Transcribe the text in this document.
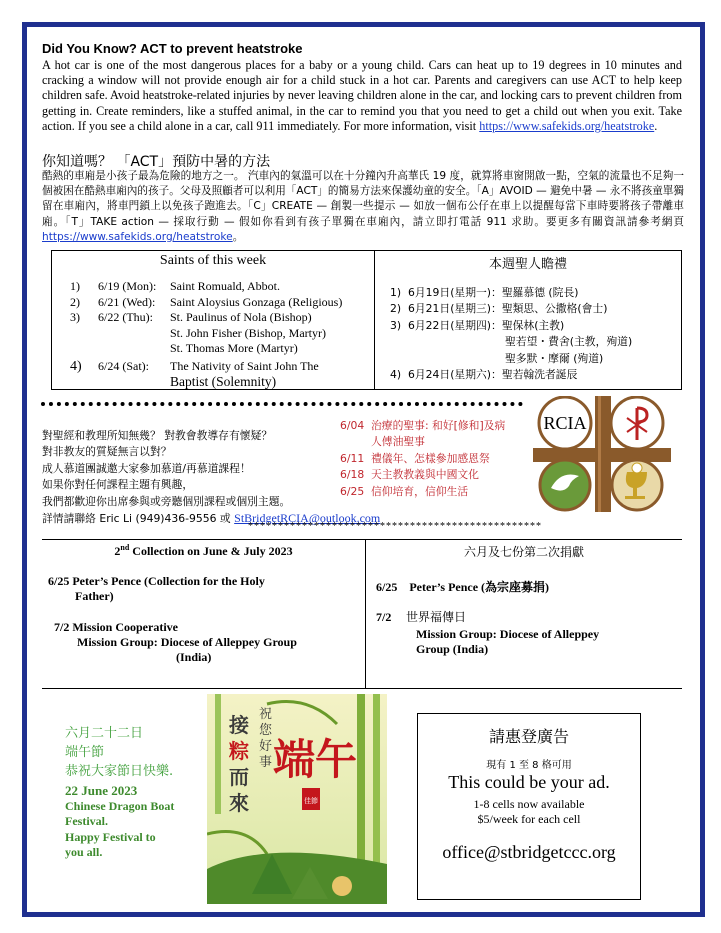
Did You Know? ACT to prevent heatstroke
A hot car is one of the most dangerous places for a baby or a young child. Cars can heat up to 19 degrees in 10 minutes and cracking a window will not provide enough air for a child stuck in a hot car. Parents and caregivers can use ACT to help keep children safe. Avoid heatstroke-related injuries by never leaving children alone in the car, and locking cars to prevent children from getting in. Create reminders, like a stuffed animal, in the car to remind you that you need to get a child out when you exit. Take action. If you see a child alone in a car, call 911 immediately. For more information, visit https://www.safekids.org/heatstroke.
你知道嗎？ 「ACT」預防中暑的方法
酷熱的車廂是小孩子最為危險的地方之一。 汽車內的氣溫可以在十分鐘內升高華氏 19 度，就算將車窗開啟一點，空氣的流量也不足夠一個被困在酷熱車廂內的孩子。父母及照顧者可以利用「ACT」的簡易方法來保護幼童的安全。「A」AVOID — 避免中暑 — 永不將孩童單獨留在車廂內，將車門鎖上以免孩子跑進去。「C」CREATE — 創製一些提示 — 如放一個布公仔在車上以提醒每當下車時要將孩子帶離車廂。「T」TAKE action — 採取行動 — 假如你看到有孩子單獨在車廂內，請立即打電話 911 求助。要更多有關資訊請參考網頁 https://www.safekids.org/heatstroke。
Saints of this week	本週聖人瞻禮
1)	6/19 (Mon):	Saint Romuald, Abbot.
2)	6/21 (Wed):	Saint Aloysius Gonzaga (Religious)
3)	6/22 (Thu):	St. Paulinus of Nola (Bishop)
St. John Fisher (Bishop, Martyr)
St. Thomas More (Martyr)
4)	6/24 (Sat):	The Nativity of Saint John The
Baptist (Solemnity)
1) 6月19日(星期一)：聖羅慕德 (院長)
2) 6月21日(星期三)：聖類思、公撒格(會士)
3) 6月22日(星期四)：聖保林(主教)
聖若望・費舍(主教，殉道)
聖多默・摩爾 (殉道)
4) 6月24日(星期六)：聖若翰洗者誕辰
對聖經和教理所知無幾？ 對教會教導存有懷疑？
對非教友的質疑無言以對？
成人慕道團誠邀大家參加慕道/再慕道課程！
如果你對任何課程主題有興趣，
我們都歡迎你出席參與或旁聽個別課程或個別主題。
詳情請聯絡 Eric Li (949)436-9556 或 StBridgetRCIA@outlook.com
6/04 治療的聖事: 和好[修和]及病
人傅油聖事
6/11 禮儀年、怎樣參加感恩祭
6/18 天主教教義與中國文化
6/25 信仰培育，信仰生活
RCIA
*************************************************
2nd Collection on June & July 2023	六月及七份第二次捐獻
6/25 Peter’s Pence (Collection for the Holy
Father)
7/2 Mission Cooperative
Mission Group: Diocese of Alleppey Group
(India)
6/25    Peter’s Pence (為宗座募捐)
7/2 世界福傳日
Mission Group: Diocese of Alleppey
Group (India)
六月二十二日
端午節
恭祝大家節日快樂.
22 June 2023
Chinese Dragon Boat
Festival.
Happy Festival to
you all.
端午
佳節
接
粽
而
來
祝
您
好
事
請惠登廣告
現有 1 至 8 格可用
This could be your ad.
1-8 cells now available
$5/week for each cell
office@stbridgetccc.org
